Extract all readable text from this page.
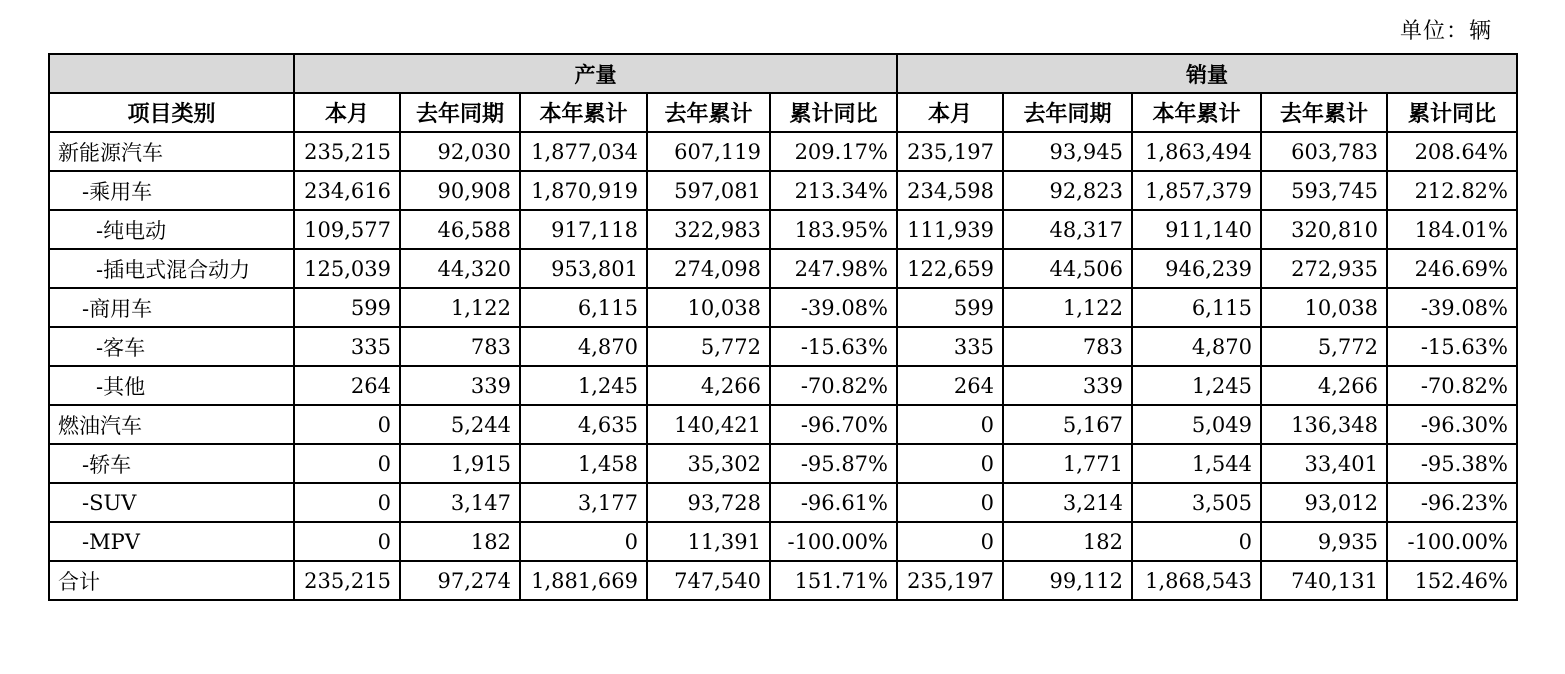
单位：辆
	产量					销量				
项目类别	本月	去年同期	本年累计	去年累计	累计同比	本月	去年同期	本年累计	去年累计	累计同比
新能源汽车	235,215	92,030	1,877,034	607,119	209.17%	235,197	93,945	1,863,494	603,783	208.64%
-乘用车	234,616	90,908	1,870,919	597,081	213.34%	234,598	92,823	1,857,379	593,745	212.82%
-纯电动	109,577	46,588	917,118	322,983	183.95%	111,939	48,317	911,140	320,810	184.01%
-插电式混合动力	125,039	44,320	953,801	274,098	247.98%	122,659	44,506	946,239	272,935	246.69%
-商用车	599	1,122	6,115	10,038	-39.08%	599	1,122	6,115	10,038	-39.08%
-客车	335	783	4,870	5,772	-15.63%	335	783	4,870	5,772	-15.63%
-其他	264	339	1,245	4,266	-70.82%	264	339	1,245	4,266	-70.82%
燃油汽车	0	5,244	4,635	140,421	-96.70%	0	5,167	5,049	136,348	-96.30%
-轿车	0	1,915	1,458	35,302	-95.87%	0	1,771	1,544	33,401	-95.38%
-SUV	0	3,147	3,177	93,728	-96.61%	0	3,214	3,505	93,012	-96.23%
-MPV	0	182	0	11,391	-100.00%	0	182	0	9,935	-100.00%
合计	235,215	97,274	1,881,669	747,540	151.71%	235,197	99,112	1,868,543	740,131	152.46%
